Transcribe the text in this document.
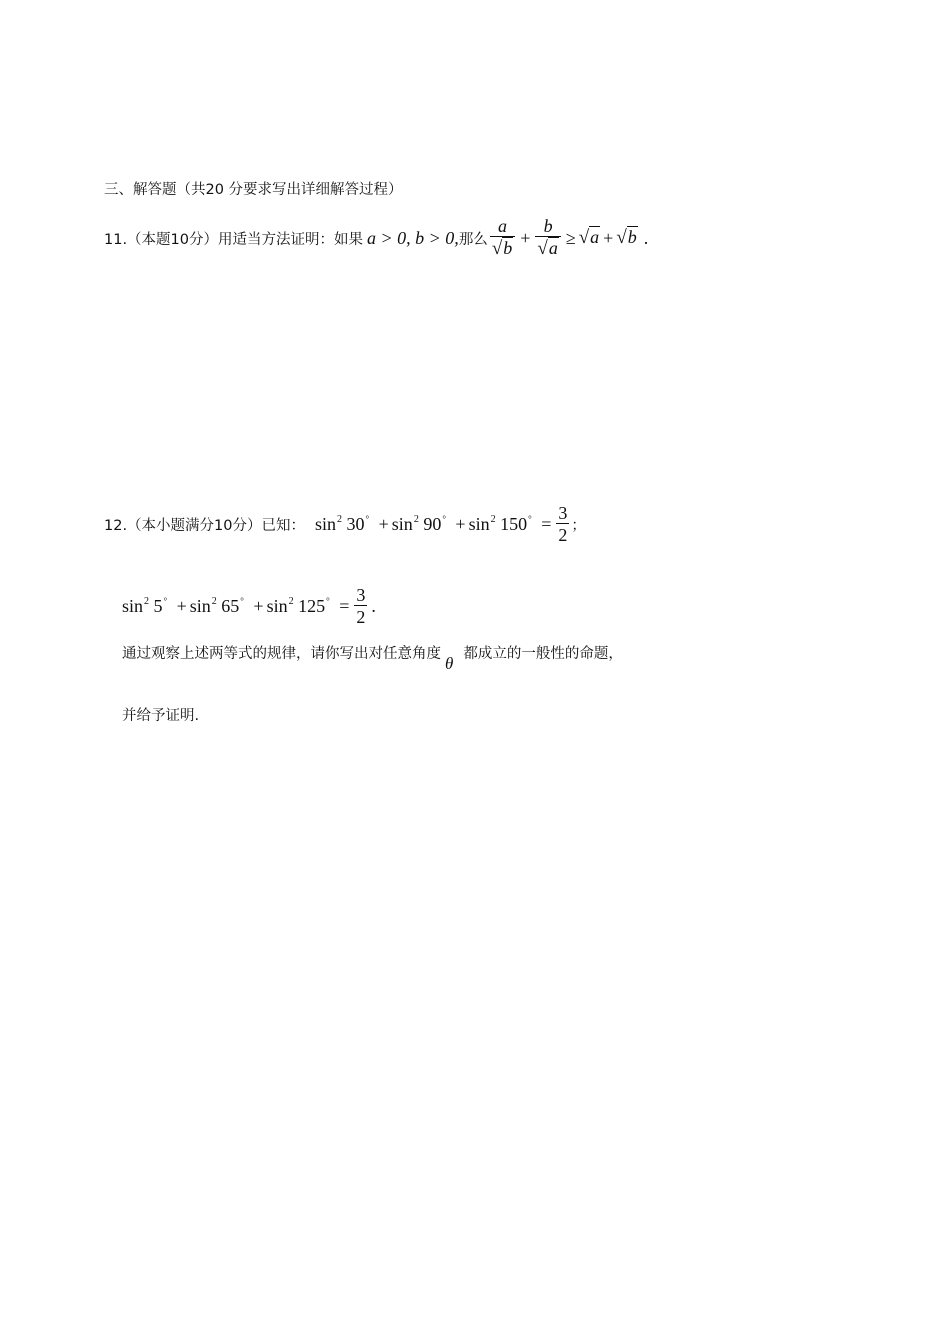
三、解答题（共20 分要求写出详细解答过程）
11.（本题10分）用适当方法证明：如果 a > 0, b > 0, 那么 $\frac{a}{√b} + \frac{b}{√a} \ge √a + √b$ .
12.（本小题满分10分）已知： $\sin^2 30^\circ + \sin^2 90^\circ + \sin^2 150^\circ = \frac{3}{2}$ ；
$\sin^2 5^\circ + \sin^2 65^\circ + \sin^2 125^\circ = \frac{3}{2}$ .
通过观察上述两等式的规律，请你写出对任意角度 θ 都成立的一般性的命题，
并给予证明.
